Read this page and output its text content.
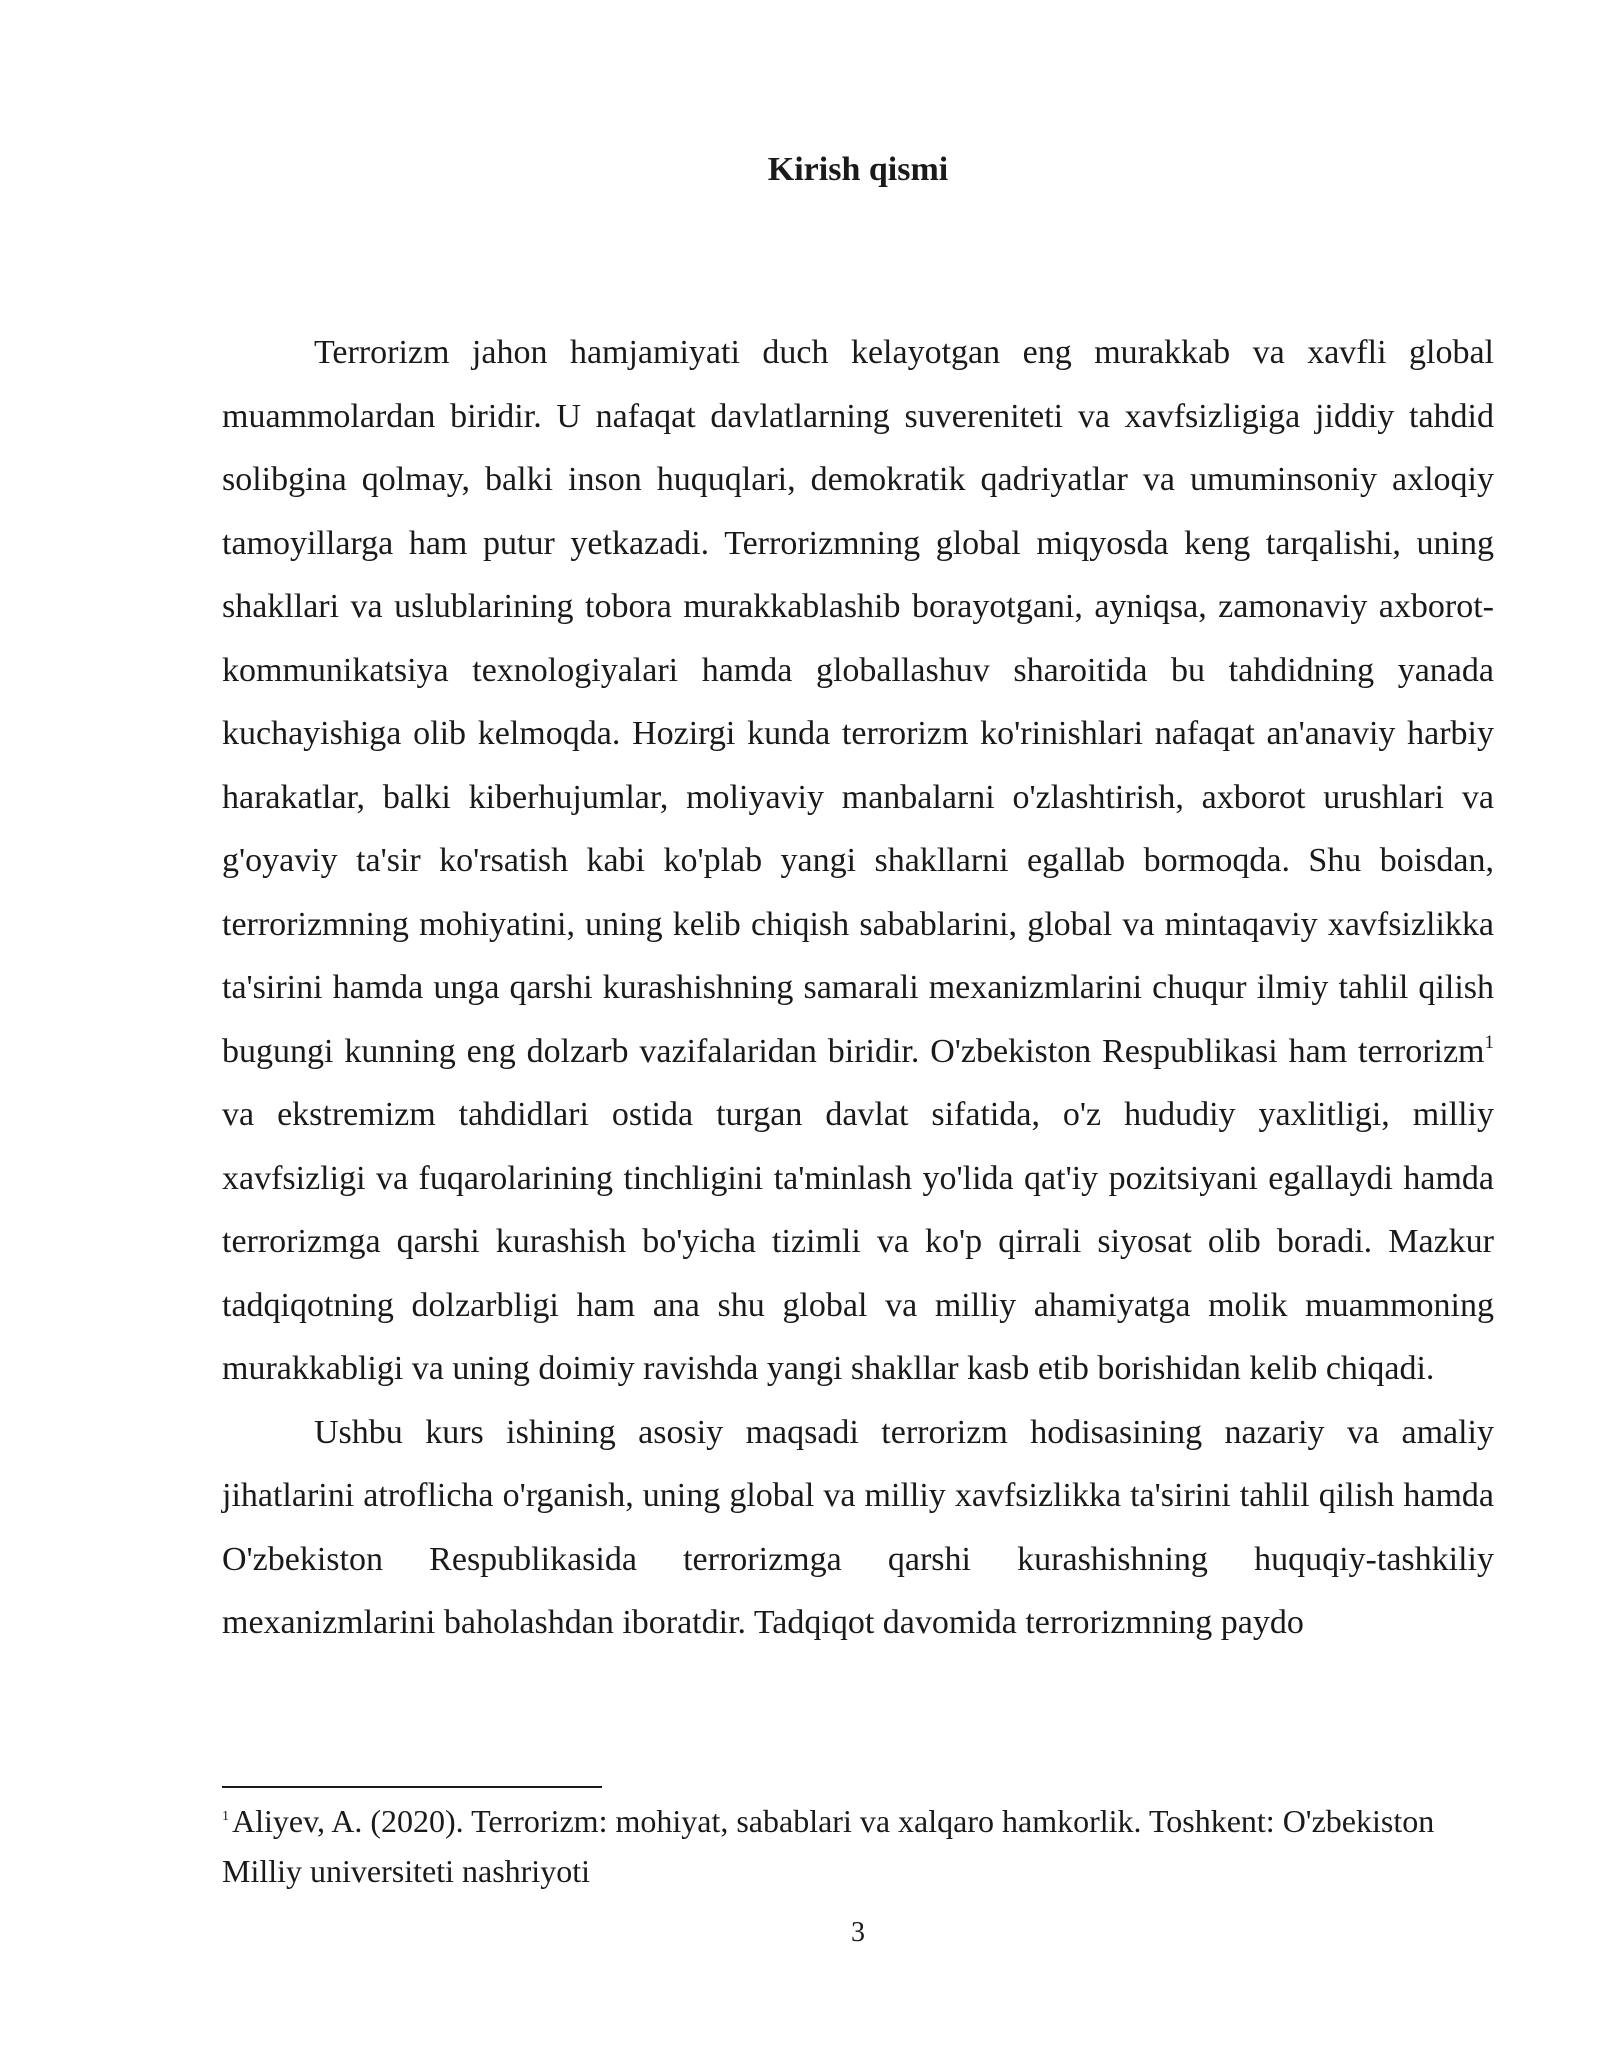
Kirish qismi

Terrorizm jahon hamjamiyati duch kelayotgan eng murakkab va xavfli global muammolardan biridir. U nafaqat davlatlarning suvereniteti va xavfsizligiga jiddiy tahdid solibgina qolmay, balki inson huquqlari, demokratik qadriyatlar va umuminsoniy axloqiy tamoyillarga ham putur yetkazadi. Terrorizmning global miqyosda keng tarqalishi, uning shakllari va uslublarining tobora murakkablashib borayotgani, ayniqsa, zamonaviy axborot-kommunikatsiya texnologiyalari hamda globallashuv sharoitida bu tahdidning yanada kuchayishiga olib kelmoqda. Hozirgi kunda terrorizm ko'rinishlari nafaqat an'anaviy harbiy harakatlar, balki kiberhujumlar, moliyaviy manbalarni o'zlashtirish, axborot urushlari va g'oyaviy ta'sir ko'rsatish kabi ko'plab yangi shakllarni egallab bormoqda. Shu boisdan, terrorizmning mohiyatini, uning kelib chiqish sabablarini, global va mintaqaviy xavfsizlikka ta'sirini hamda unga qarshi kurashishning samarali mexanizmlarini chuqur ilmiy tahlil qilish bugungi kunning eng dolzarb vazifalaridan biridir. O'zbekiston Respublikasi ham terrorizm$^1$ va ekstremizm tahdidlari ostida turgan davlat sifatida, o'z hududiy yaxlitligi, milliy xavfsizligi va fuqarolarining tinchligini ta'minlash yo'lida qat'iy pozitsiyani egallaydi hamda terrorizmga qarshi kurashish bo'yicha tizimli va ko'p qirrali siyosat olib boradi. Mazkur tadqiqotning dolzarbligi ham ana shu global va milliy ahamiyatga molik muammoning murakkabligi va uning doimiy ravishda yangi shakllar kasb etib borishidan kelib chiqadi.

Ushbu kurs ishining asosiy maqsadi terrorizm hodisasining nazariy va amaliy jihatlarini atroflicha o'rganish, uning global va milliy xavfsizlikka ta'sirini tahlil qilish hamda O'zbekiston Respublikasida terrorizmga qarshi kurashishning huquqiy-tashkiliy mexanizmlarini baholashdan iboratdir. Tadqiqot davomida terrorizmning paydo

$^1$Aliyev, A. (2020). Terrorizm: mohiyat, sabablari va xalqaro hamkorlik. Toshkent: O'zbekiston Milliy universiteti nashriyoti
3
